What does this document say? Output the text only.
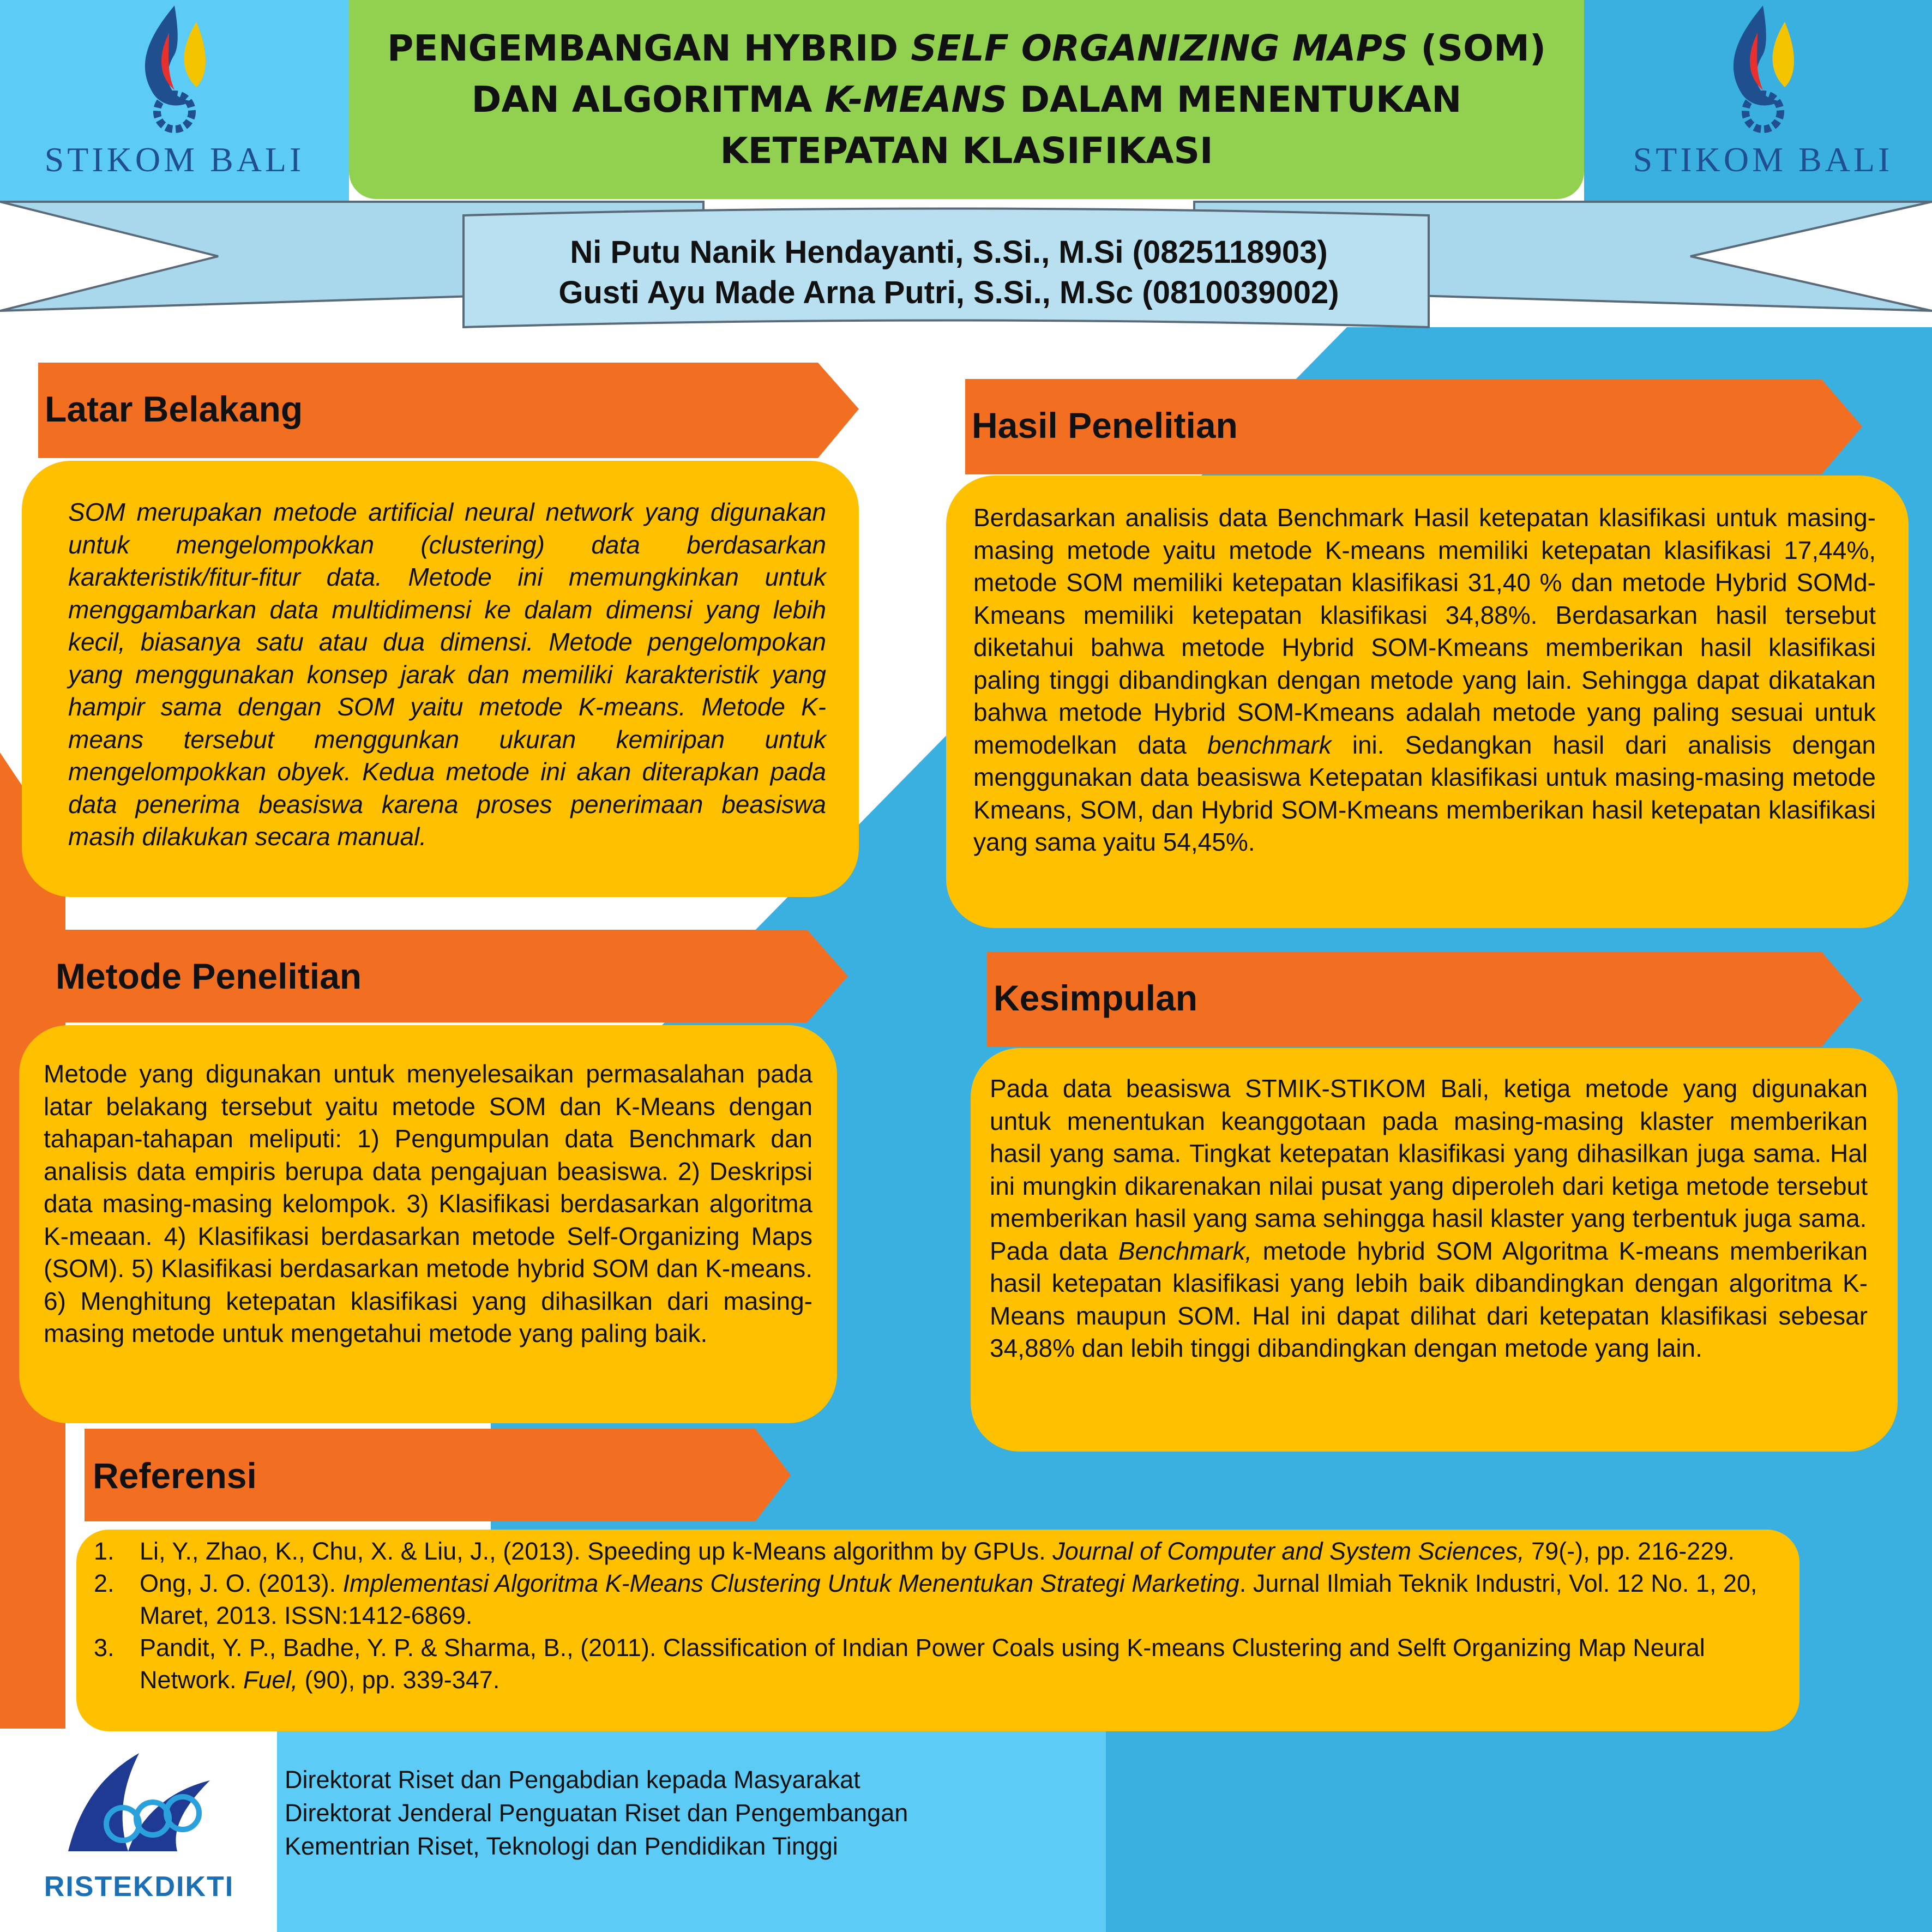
STIKOM BALI	STIKOM BALI
PENGEMBANGAN HYBRID SELF ORGANIZING MAPS (SOM)
DAN ALGORITMA K-MEANS DALAM MENENTUKAN
KETEPATAN KLASIFIKASI
Ni Putu Nanik Hendayanti, S.Si., M.Si (0825118903)
Gusti Ayu Made Arna Putri, S.Si., M.Sc (0810039002)
Latar Belakang

SOM merupakan metode artificial neural network yang digunakan untuk mengelompokkan (clustering) data berdasarkan karakteristik/fitur-fitur data. Metode ini memungkinkan untuk menggambarkan data multidimensi ke dalam dimensi yang lebih kecil, biasanya satu atau dua dimensi. Metode pengelompokan yang menggunakan konsep jarak dan memiliki karakteristik yang hampir sama dengan SOM yaitu metode K-means. Metode K-means tersebut menggunkan ukuran kemiripan untuk mengelompokkan obyek. Kedua metode ini akan diterapkan pada data penerima beasiswa karena proses penerimaan beasiswa masih dilakukan secara manual.

Hasil Penelitian

Berdasarkan analisis data Benchmark Hasil ketepatan klasifikasi untuk masing-masing metode yaitu metode K-means memiliki ketepatan klasifikasi 17,44%, metode SOM memiliki ketepatan klasifikasi 31,40 % dan metode Hybrid SOMd-Kmeans memiliki ketepatan klasifikasi 34,88%. Berdasarkan hasil tersebut diketahui bahwa metode Hybrid SOM-Kmeans memberikan hasil klasifikasi paling tinggi dibandingkan dengan metode yang lain. Sehingga dapat dikatakan bahwa metode Hybrid SOM-Kmeans adalah metode yang paling sesuai untuk memodelkan data benchmark ini. Sedangkan hasil dari analisis dengan menggunakan data beasiswa Ketepatan klasifikasi untuk masing-masing metode Kmeans, SOM, dan Hybrid SOM-Kmeans memberikan hasil ketepatan klasifikasi yang sama yaitu 54,45%.

Metode Penelitian

Metode yang digunakan untuk menyelesaikan permasalahan pada latar belakang tersebut yaitu metode SOM dan K-Means dengan tahapan-tahapan meliputi: 1) Pengumpulan data Benchmark dan analisis data empiris berupa data pengajuan beasiswa. 2) Deskripsi data masing-masing kelompok. 3) Klasifikasi berdasarkan algoritma K-meaan. 4) Klasifikasi berdasarkan metode Self-Organizing Maps (SOM). 5) Klasifikasi berdasarkan metode hybrid SOM dan K-means. 6) Menghitung ketepatan klasifikasi yang dihasilkan dari masing-masing metode untuk mengetahui metode yang paling baik.

Kesimpulan

Pada data beasiswa STMIK-STIKOM Bali, ketiga metode yang digunakan untuk menentukan keanggotaan pada masing-masing klaster memberikan hasil yang sama. Tingkat ketepatan klasifikasi yang dihasilkan juga sama. Hal ini mungkin dikarenakan nilai pusat yang diperoleh dari ketiga metode tersebut memberikan hasil yang sama sehingga hasil klaster yang terbentuk juga sama.

Pada data Benchmark, metode hybrid SOM Algoritma K-means memberikan hasil ketepatan klasifikasi yang lebih baik dibandingkan dengan algoritma K-Means maupun SOM. Hal ini dapat dilihat dari ketepatan klasifikasi sebesar 34,88% dan lebih tinggi dibandingkan dengan metode yang lain.

Referensi
1. Li, Y., Zhao, K., Chu, X. & Liu, J., (2013). Speeding up k-Means algorithm by GPUs. Journal of Computer and System Sciences, 79(-), pp. 216-229.
2. Ong, J. O. (2013). Implementasi Algoritma K-Means Clustering Untuk Menentukan Strategi Marketing. Jurnal Ilmiah Teknik Industri, Vol. 12 No. 1, 20, Maret, 2013. ISSN:1412-6869.
3. Pandit, Y. P., Badhe, Y. P. & Sharma, B., (2011). Classification of Indian Power Coals using K-means Clustering and Selft Organizing Map Neural Network. Fuel, (90), pp. 339-347.
RISTEKDIKTI
Direktorat Riset dan Pengabdian kepada Masyarakat
Direktorat Jenderal Penguatan Riset dan Pengembangan
Kementrian Riset, Teknologi dan Pendidikan Tinggi
